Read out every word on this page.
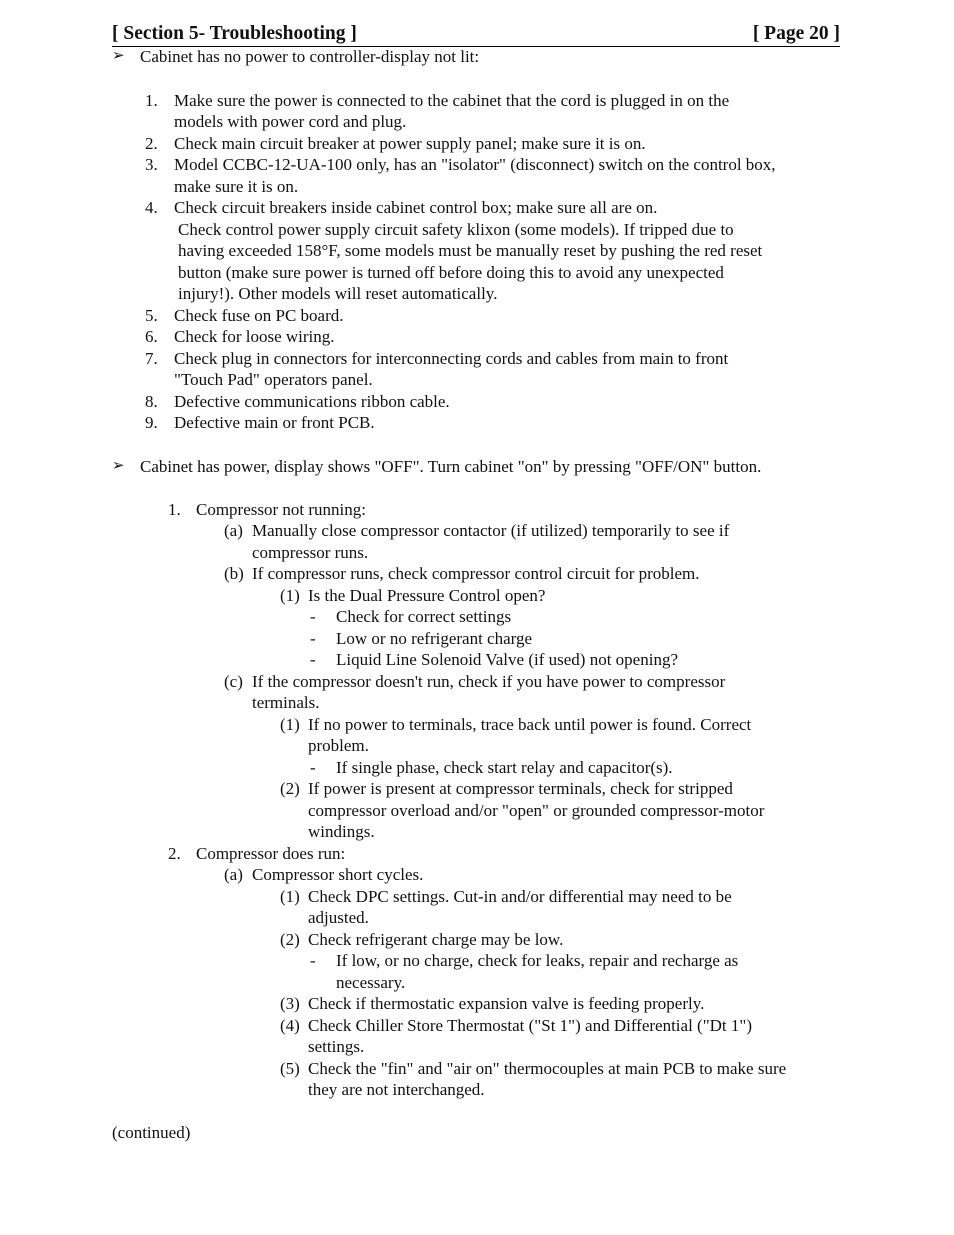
[ Section 5- Troubleshooting ]	[ Page 20 ]
➢ Cabinet has no power to controller-display not lit:
1. Make sure the power is connected to the cabinet that the cord is plugged in on the
models with power cord and plug.
2. Check main circuit breaker at power supply panel; make sure it is on.
3. Model CCBC-12-UA-100 only, has an "isolator" (disconnect) switch on the control box,
make sure it is on.
4. Check circuit breakers inside cabinet control box; make sure all are on.
Check control power supply circuit safety klixon (some models). If tripped due to
having exceeded 158°F, some models must be manually reset by pushing the red reset
button (make sure power is turned off before doing this to avoid any unexpected
injury!). Other models will reset automatically.
5. Check fuse on PC board.
6. Check for loose wiring.
7. Check plug in connectors for interconnecting cords and cables from main to front
"Touch Pad" operators panel.
8. Defective communications ribbon cable.
9. Defective main or front PCB.
➢ Cabinet has power, display shows "OFF". Turn cabinet "on" by pressing "OFF/ON" button.
1. Compressor not running:
(a) Manually close compressor contactor (if utilized) temporarily to see if
compressor runs.
(b) If compressor runs, check compressor control circuit for problem.
(1) Is the Dual Pressure Control open?
- Check for correct settings
- Low or no refrigerant charge
- Liquid Line Solenoid Valve (if used) not opening?
(c) If the compressor doesn't run, check if you have power to compressor
terminals.
(1) If no power to terminals, trace back until power is found. Correct
problem.
- If single phase, check start relay and capacitor(s).
(2) If power is present at compressor terminals, check for stripped
compressor overload and/or "open" or grounded compressor-motor
windings.
2. Compressor does run:
(a) Compressor short cycles.
(1) Check DPC settings. Cut-in and/or differential may need to be
adjusted.
(2) Check refrigerant charge may be low.
- If low, or no charge, check for leaks, repair and recharge as
necessary.
(3) Check if thermostatic expansion valve is feeding properly.
(4) Check Chiller Store Thermostat ("St 1") and Differential ("Dt 1")
settings.
(5) Check the "fin" and "air on" thermocouples at main PCB to make sure
they are not interchanged.
(continued)
